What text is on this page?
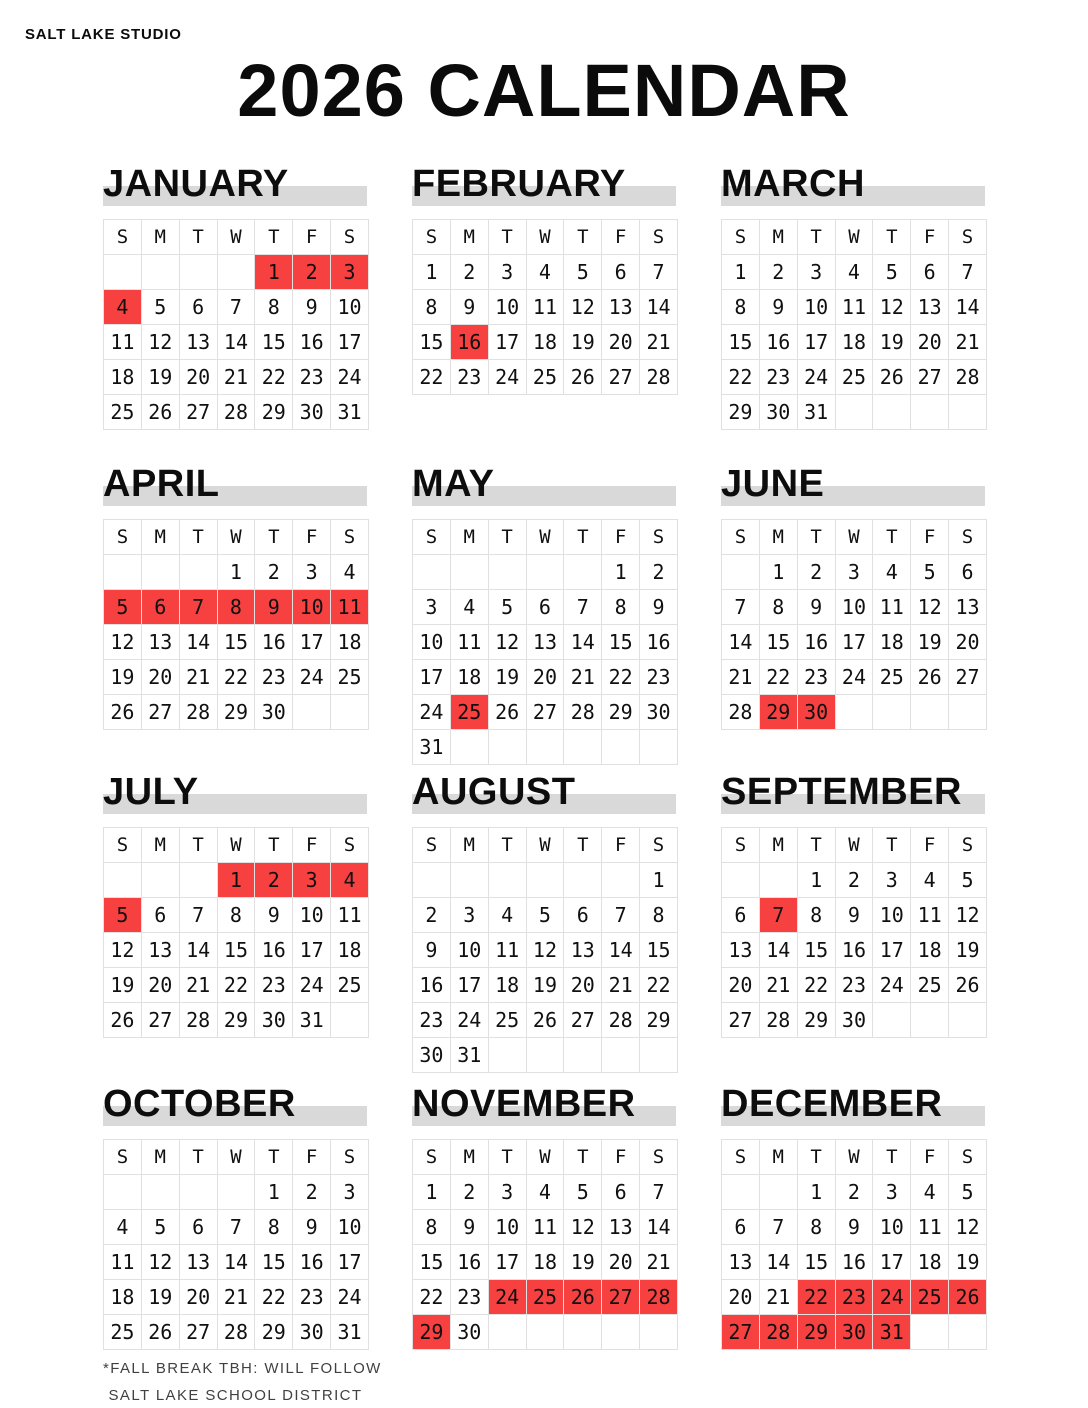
SALT LAKE STUDIO
2026 CALENDAR
JANUARY
S	M	T	W	T	F	S
				1	2	3
4	5	6	7	8	9	10
11	12	13	14	15	16	17
18	19	20	21	22	23	24
25	26	27	28	29	30	31
FEBRUARY
S	M	T	W	T	F	S
1	2	3	4	5	6	7
8	9	10	11	12	13	14
15	16	17	18	19	20	21
22	23	24	25	26	27	28
MARCH
S	M	T	W	T	F	S
1	2	3	4	5	6	7
8	9	10	11	12	13	14
15	16	17	18	19	20	21
22	23	24	25	26	27	28
29	30	31				
APRIL
S	M	T	W	T	F	S
			1	2	3	4
5	6	7	8	9	10	11
12	13	14	15	16	17	18
19	20	21	22	23	24	25
26	27	28	29	30		
MAY
S	M	T	W	T	F	S
					1	2
3	4	5	6	7	8	9
10	11	12	13	14	15	16
17	18	19	20	21	22	23
24	25	26	27	28	29	30
31						
JUNE
S	M	T	W	T	F	S
	1	2	3	4	5	6
7	8	9	10	11	12	13
14	15	16	17	18	19	20
21	22	23	24	25	26	27
28	29	30				
JULY
S	M	T	W	T	F	S
			1	2	3	4
5	6	7	8	9	10	11
12	13	14	15	16	17	18
19	20	21	22	23	24	25
26	27	28	29	30	31	
AUGUST
S	M	T	W	T	F	S
						1
2	3	4	5	6	7	8
9	10	11	12	13	14	15
16	17	18	19	20	21	22
23	24	25	26	27	28	29
30	31					
SEPTEMBER
S	M	T	W	T	F	S
		1	2	3	4	5
6	7	8	9	10	11	12
13	14	15	16	17	18	19
20	21	22	23	24	25	26
27	28	29	30			
OCTOBER
S	M	T	W	T	F	S
				1	2	3
4	5	6	7	8	9	10
11	12	13	14	15	16	17
18	19	20	21	22	23	24
25	26	27	28	29	30	31
*FALL BREAK TBH: WILL FOLLOW
SALT LAKE SCHOOL DISTRICT
NOVEMBER
S	M	T	W	T	F	S
1	2	3	4	5	6	7
8	9	10	11	12	13	14
15	16	17	18	19	20	21
22	23	24	25	26	27	28
29	30					
DECEMBER
S	M	T	W	T	F	S
		1	2	3	4	5
6	7	8	9	10	11	12
13	14	15	16	17	18	19
20	21	22	23	24	25	26
27	28	29	30	31		
